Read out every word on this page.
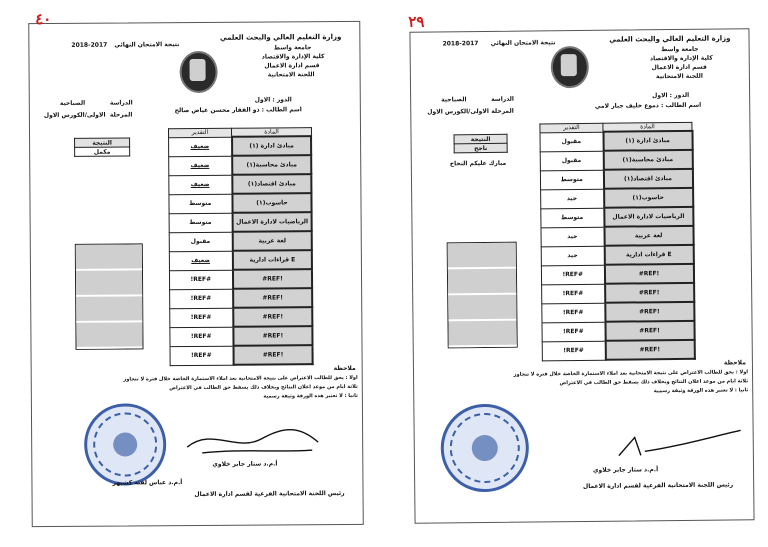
٤٠
وزارة التعليم العالي والبحث العلمي
جامعة واسط
كلية الإدارة والاقتصاد
قسم ادارة الاعمال
اللجنة الامتحانية
نتيجة الامتحان النهائي
2018-2017
الدور : الاول
اسم الطالب : ذو الفقار محسن غياض صالح
الدراسة
الصباحية
المرحلة
الاولى/الكورس الاول
النتيجة
مكمل
التقدير	المادة
ضعيف	مبادئ ادارة (١)
ضعيف	مبادئ محاسبة(١)
ضعيف	مبادئ اقتصاد(١)
متوسط	حاسوب(١)
متوسط	الرياضيات لادارة الاعمال
مقبول	لغة عربية
ضعيف	قراءات ادارية E
#REF!	#REF!
#REF!	#REF!
#REF!	#REF!
#REF!	#REF!
#REF!	#REF!
ملاحظة
اولا : يحق للطالب الاعتراض على نتيجة الامتحانية بعد املاء الاستمارة الخاصة خلال فترة لا تتجاوز
ثلاثة ايام من موعد اعلان النتائج وبخلاف ذلك يسقط حق الطالب في الاعتراض
ثانيا : لا تعتبر هذه الورقة وثيقة رسمية
أ.م.د عباس لفته كشيهر
أ.م.د ستار جابر خلاوي
رئيس اللجنة الامتحانية الفرعية لقسم ادارة الاعمال
٢٩
وزارة التعليم العالي والبحث العلمي
جامعة واسط
كلية الإدارة والاقتصاد
قسم ادارة الاعمال
اللجنة الامتحانية
نتيجة الامتحان النهائي
2018-2017
الدور : الاول
اسم الطالب : دموع خليف جبار لامي
الدراسة
الصباحية
المرحلة
الاولى/الكورس الاول
النتيجة
ناجح
مبارك عليكم النجاح
التقدير	المادة
مقبول	مبادئ ادارة (١)
مقبول	مبادئ محاسبة(١)
متوسط	مبادئ اقتصاد(١)
جيد	حاسوب(١)
متوسط	الرياضيات لادارة الاعمال
جيد	لغة عربية
جيد	قراءات ادارية E
#REF!	#REF!
#REF!	#REF!
#REF!	#REF!
#REF!	#REF!
#REF!	#REF!
ملاحظة
اولا : يحق للطالب الاعتراض على نتيجة الامتحانية بعد املاء الاستمارة الخاصة خلال فترة لا تتجاوز
ثلاثة ايام من موعد اعلان النتائج وبخلاف ذلك يسقط حق الطالب في الاعتراض
ثانيا : لا تعتبر هذه الورقة وثيقة رسمية
أ.م.د ستار جابر خلاوي
رئيس اللجنة الامتحانية الفرعية لقسم ادارة الاعمال
